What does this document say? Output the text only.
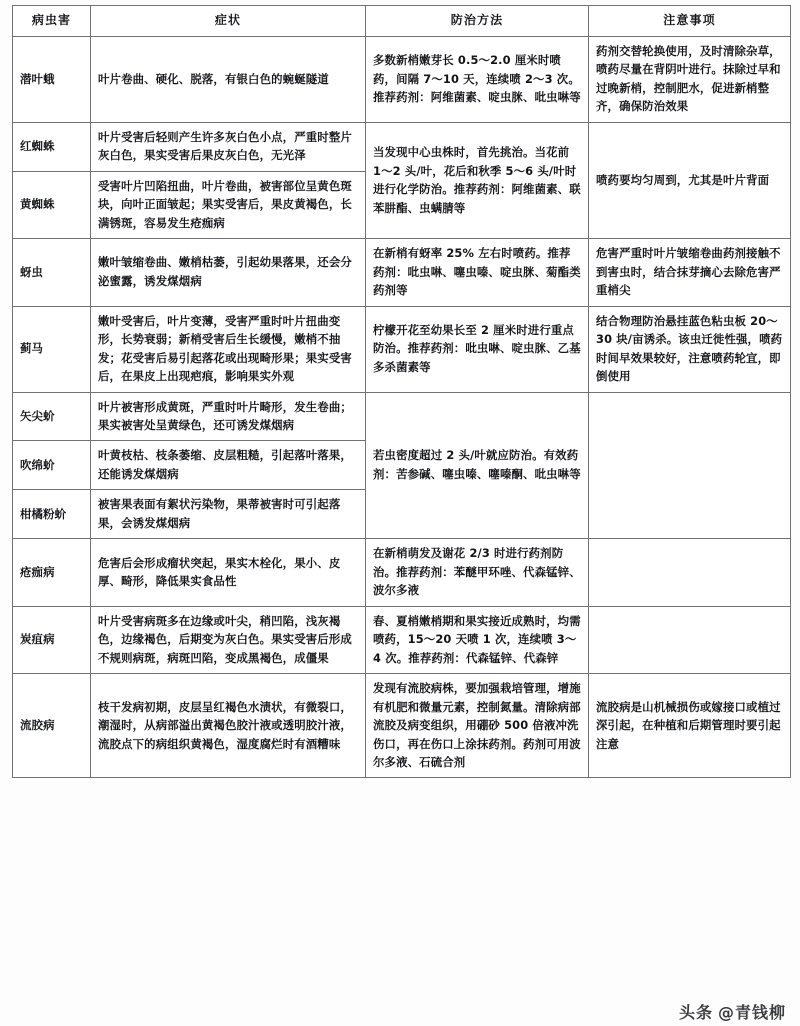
病虫害	症状	防治方法	注意事项
潜叶蛾	叶片卷曲、硬化、脱落，有银白色的蜿蜒隧道	多数新梢嫩芽长 0.5～2.0 厘米时喷药，间隔 7～10 天，连续喷 2～3 次。推荐药剂：阿维菌素、啶虫脒、吡虫啉等	药剂交替轮换使用，及时清除杂草，喷药尽量在背阴叶进行。抹除过早和过晚新梢，控制肥水，促进新梢整齐，确保防治效果
红蜘蛛	叶片受害后轻则产生许多灰白色小点，严重时整片灰白色，果实受害后果皮灰白色，无光泽	当发现中心虫株时，首先挑治。当花前 1～2 头/叶，花后和秋季 5～6 头/叶时进行化学防治。推荐药剂：阿维菌素、联苯肼酯、虫螨腈等	喷药要均匀周到，尤其是叶片背面
黄蜘蛛	受害叶片凹陷扭曲，叶片卷曲，被害部位呈黄色斑块，向叶正面皱起；果实受害后，果皮黄褐色，长满锈斑，容易发生疮痂病		
蚜虫	嫩叶皱缩卷曲、嫩梢枯萎，引起幼果落果，还会分泌蜜露，诱发煤烟病	在新梢有蚜率 25% 左右时喷药。推荐药剂：吡虫啉、噻虫嗪、啶虫脒、菊酯类药剂等	危害严重时叶片皱缩卷曲药剂接触不到害虫时，结合抹芽摘心去除危害严重梢尖
蓟马	嫩叶受害后，叶片变薄，受害严重时叶片扭曲变形，长势衰弱；新梢受害后生长缓慢，嫩梢不抽发；花受害后易引起落花或出现畸形果；果实受害后，在果皮上出现疤痕，影响果实外观	柠檬开花至幼果长至 2 厘米时进行重点防治。推荐药剂：吡虫啉、啶虫脒、乙基多杀菌素等	结合物理防治悬挂蓝色粘虫板 20～30 块/亩诱杀。该虫迁徙性强，喷药时间早效果较好，注意喷药轮宜，即倒使用
矢尖蚧	叶片被害形成黄斑，严重时叶片畸形，发生卷曲；果实被害处呈黄绿色，还可诱发煤烟病	若虫密度超过 2 头/叶就应防治。有效药剂：苦参碱、噻虫嗪、噻嗪酮、吡虫啉等	
吹绵蚧	叶黄枝枯、枝条萎缩、皮层粗糙，引起落叶落果，还能诱发煤烟病		
柑橘粉蚧	被害果表面有絮状污染物，果蒂被害时可引起落果，会诱发煤烟病		
疮痂病	危害后会形成瘤状突起，果实木栓化，果小、皮厚、畸形，降低果实食品性	在新梢萌发及谢花 2/3 时进行药剂防治。推荐药剂：苯醚甲环唑、代森锰锌、波尔多液	
炭疽病	叶片受害病斑多在边缘或叶尖，稍凹陷，浅灰褐色，边缘褐色，后期变为灰白色。果实受害后形成不规则病斑，病斑凹陷，变成黑褐色，成僵果	春、夏梢嫩梢期和果实接近成熟时，均需喷药，15～20 天喷 1 次，连续喷 3～4 次。推荐药剂：代森锰锌、代森锌	
流胶病	枝干发病初期，皮层呈红褐色水渍状，有微裂口，潮湿时，从病部溢出黄褐色胶汁液或透明胶汁液，流胶点下的病组织黄褐色，湿度腐烂时有酒糟味	发现有流胶病株，要加强栽培管理，增施有机肥和微量元素，控制氮量。清除病部流胶及病变组织，用硼砂 500 倍液冲洗伤口，再在伤口上涂抹药剂。药剂可用波尔多液、石硫合剂	流胶病是山机械损伤或嫁接口或植过深引起，在种植和后期管理时要引起注意
头条 @青钱柳
